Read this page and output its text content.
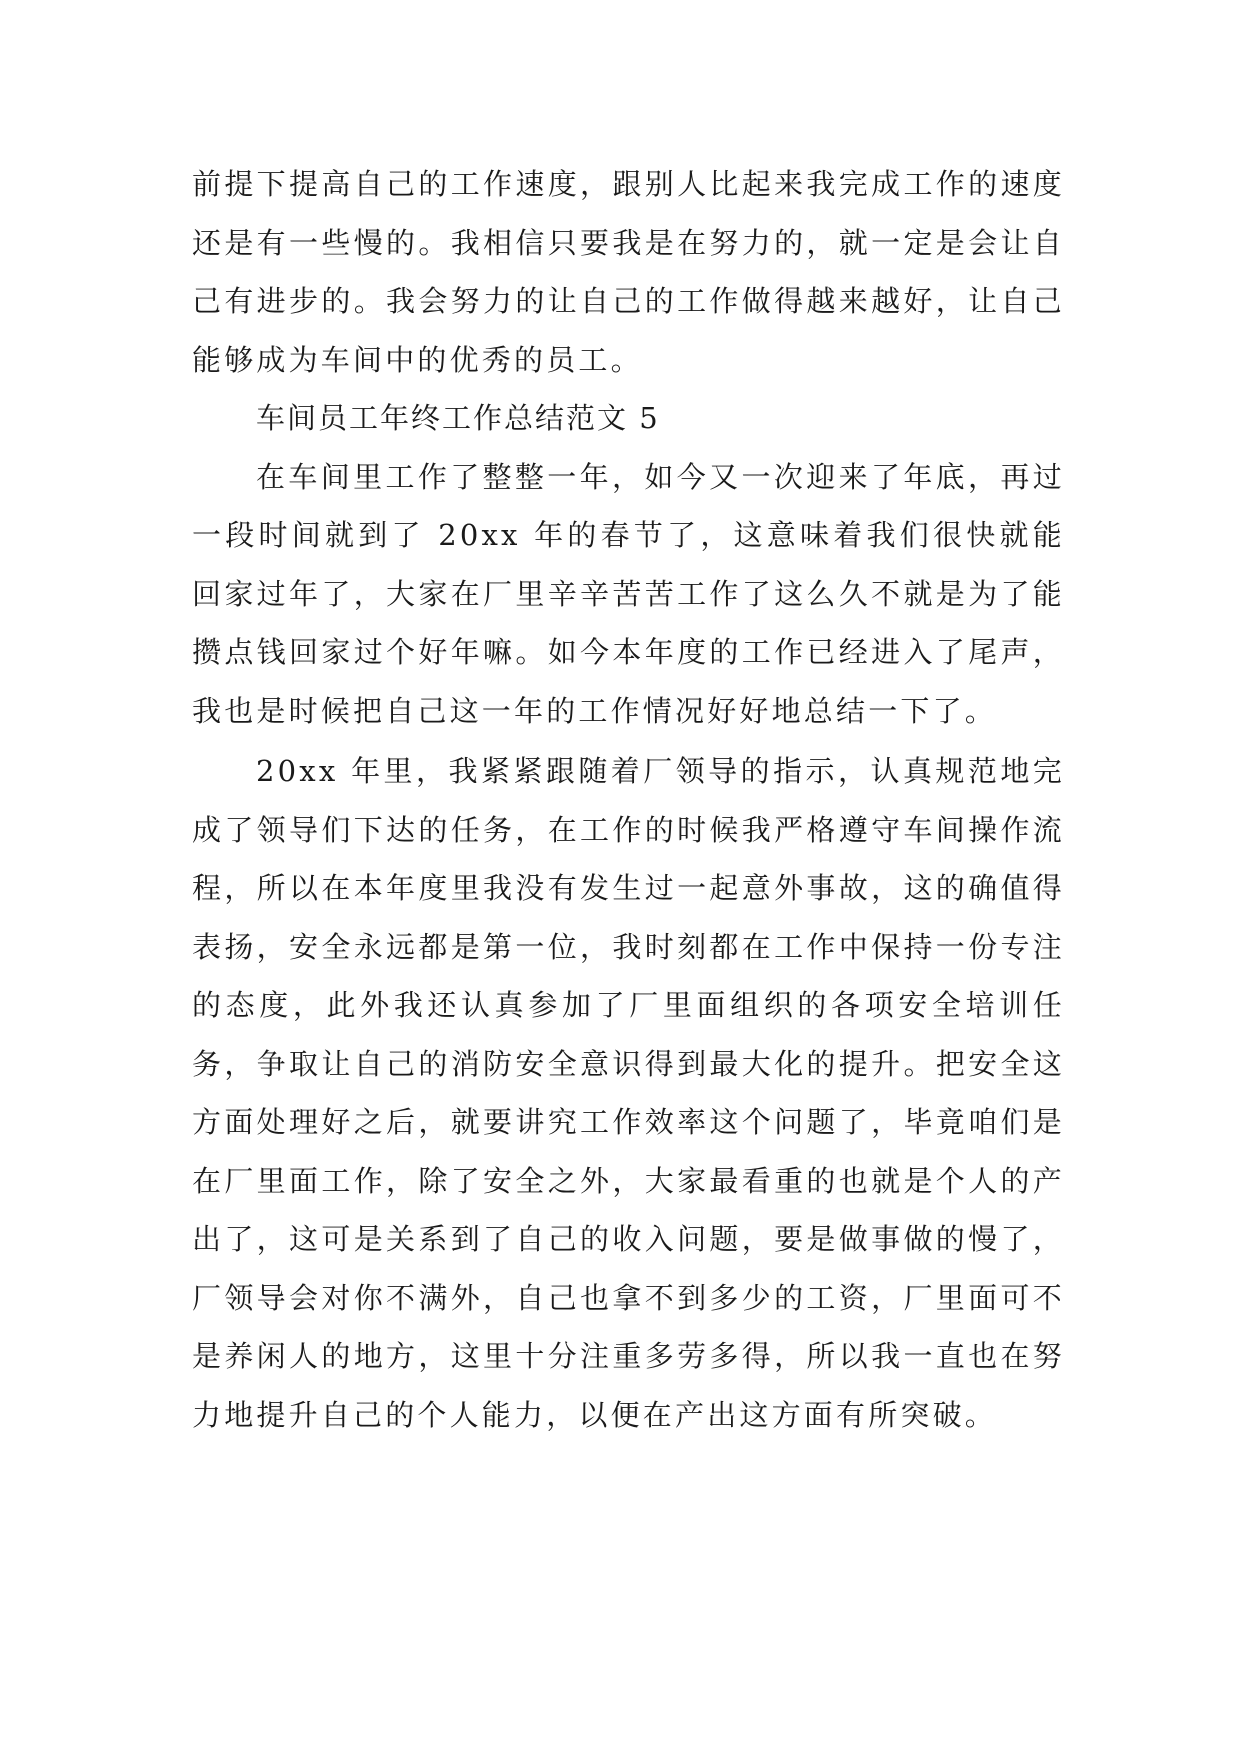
前提下提高自己的工作速度，跟别人比起来我完成工作的速度还是有一些慢的。我相信只要我是在努力的，就一定是会让自己有进步的。我会努力的让自己的工作做得越来越好，让自己能够成为车间中的优秀的员工。

车间员工年终工作总结范文 5

在车间里工作了整整一年，如今又一次迎来了年底，再过一段时间就到了 20xx 年的春节了，这意味着我们很快就能回家过年了，大家在厂里辛辛苦苦工作了这么久不就是为了能攒点钱回家过个好年嘛。如今本年度的工作已经进入了尾声，我也是时候把自己这一年的工作情况好好地总结一下了。

20xx 年里，我紧紧跟随着厂领导的指示，认真规范地完成了领导们下达的任务，在工作的时候我严格遵守车间操作流程，所以在本年度里我没有发生过一起意外事故，这的确值得表扬，安全永远都是第一位，我时刻都在工作中保持一份专注的态度，此外我还认真参加了厂里面组织的各项安全培训任务，争取让自己的消防安全意识得到最大化的提升。把安全这方面处理好之后，就要讲究工作效率这个问题了，毕竟咱们是在厂里面工作，除了安全之外，大家最看重的也就是个人的产出了，这可是关系到了自己的收入问题，要是做事做的慢了，厂领导会对你不满外，自己也拿不到多少的工资，厂里面可不是养闲人的地方，这里十分注重多劳多得，所以我一直也在努力地提升自己的个人能力，以便在产出这方面有所突破。
